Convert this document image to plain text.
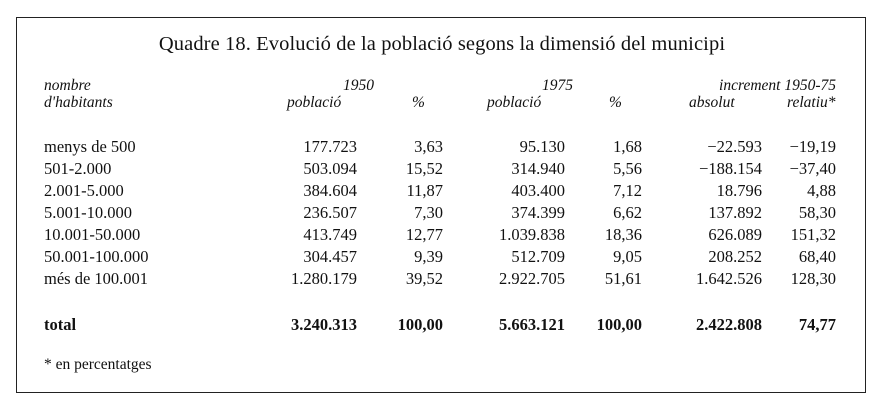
Quadre 18. Evolució de la població segons la dimensió del municipi
nombre	1950	1975	increment 1950-75
d'habitants	població	%	població	%	absolut	relatiu*
menys de 500	177.723	3,63	95.130	1,68	−22.593 −19,19
501-2.000	503.094	15,52	314.940	5,56	−188.154 −37,40
2.001-5.000	384.604	11,87	403.400	7,12	18.796	4,88
5.001-10.000	236.507	7,30	374.399	6,62	137.892 58,30
10.001-50.000	413.749	12,77	1.039.838 18,36	626.089 151,32
50.001-100.000	304.457	9,39	512.709	9,05	208.252 68,40
més de 100.001	1.280.179	39,52	2.922.705 51,61	1.642.526 128,30
total	3.240.313 100,00	5.663.121 100,00	2.422.808 74,77
* en percentatges
